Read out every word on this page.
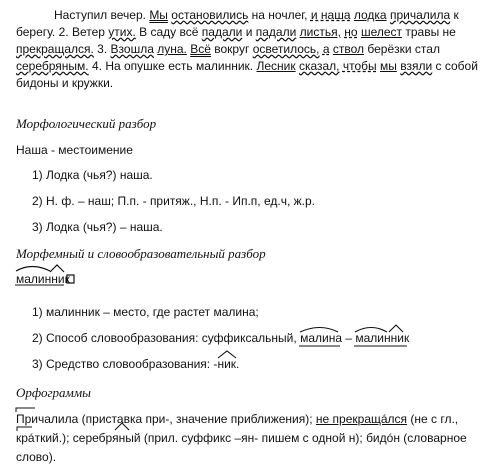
Наступил вечер. Мы остановились на ночлег, и наша лодка причалила к
берегу. 2. Ветер утих. В саду всё падали и падали листья, но шелест травы не
прекращался. 3. Взошла луна. Всё вокруг осветилось, а ствол берёзки стал
серебряным. 4. На опушке есть малинник. Лесник сказал, чтобы мы взяли с собой
бидоны и кружки.
Морфологический разбор
Наша - местоимение
1) Лодка (чья?) наша.
2) Н. ф. – наш; П.п. - притяж., Н.п. - Ип.п, ед.ч, ж.р.
3) Лодка (чья?) – наша.
Морфемный и словообразовательный разбор
малинник
1) малинник – место, где растет малина;
2) Способ словообразования: суффиксальный, малина – малинник
3) Средство словообразования: -ник
.
Орфограммы
Причалила (приставка при-, значение приближения); не прекращáлся (не с гл.,
крáткий
.); серебряный (прил. суффикс –ян- пишем с одной н); бидóн (словарное
слово).
